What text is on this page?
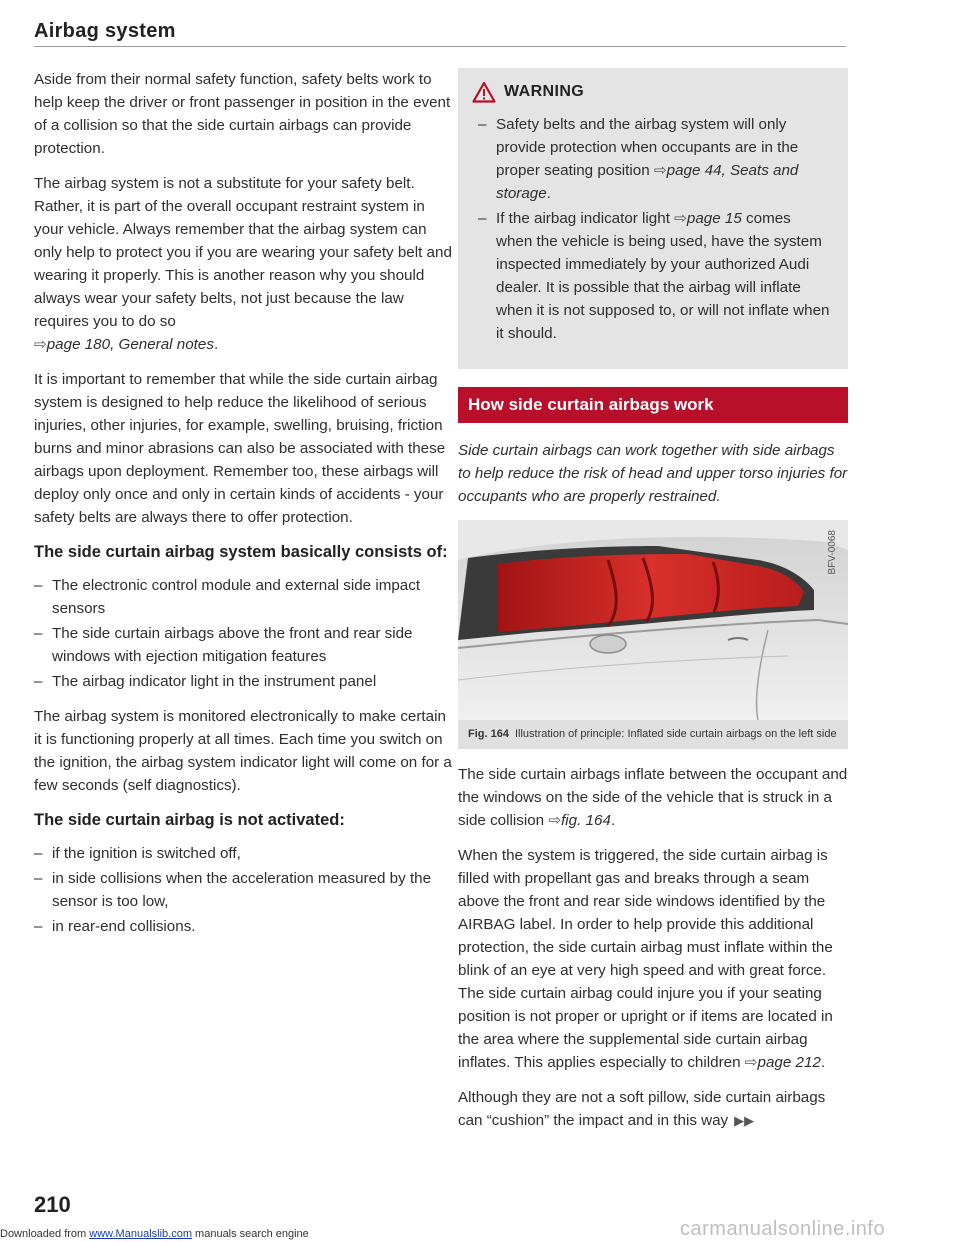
Airbag system

Aside from their normal safety function, safety belts work to help keep the driver or front passenger in position in the event of a collision so that the side curtain airbags can provide protection.

The airbag system is not a substitute for your safety belt. Rather, it is part of the overall occupant restraint system in your vehicle. Always remember that the airbag system can only help to protect you if you are wearing your safety belt and wearing it properly. This is another reason why you should always wear your safety belts, not just because the law requires you to do so
⇨page 180, General notes.

It is important to remember that while the side curtain airbag system is designed to help reduce the likelihood of serious injuries, other injuries, for example, swelling, bruising, friction burns and minor abrasions can also be associated with these airbags upon deployment. Remember too, these airbags will deploy only once and only in certain kinds of accidents - your safety belts are always there to offer protection.

The side curtain airbag system basically consists of:
– The electronic control module and external side impact sensors
– The side curtain airbags above the front and rear side windows with ejection mitigation features
– The airbag indicator light in the instrument panel

The airbag system is monitored electronically to make certain it is functioning properly at all times. Each time you switch on the ignition, the airbag system indicator light will come on for a few seconds (self diagnostics).

The side curtain airbag is not activated:
– if the ignition is switched off,
– in side collisions when the acceleration measured by the sensor is too low,
– in rear-end collisions.
WARNING
– Safety belts and the airbag system will only provide protection when occupants are in the proper seating position ⇨page 44, Seats and storage.
– If the airbag indicator light ⇨page 15 comes when the vehicle is being used, have the system inspected immediately by your authorized Audi dealer. It is possible that the airbag will inflate when it is not supposed to, or will not inflate when it should.
How side curtain airbags work

Side curtain airbags can work together with side airbags to help reduce the risk of head and upper torso injuries for occupants who are properly restrained.

BFV-0068
Fig. 164 Illustration of principle: Inflated side curtain airbags on the left side

The side curtain airbags inflate between the occupant and the windows on the side of the vehicle that is struck in a side collision ⇨fig. 164.

When the system is triggered, the side curtain airbag is filled with propellant gas and breaks through a seam above the front and rear side windows identified by the AIRBAG label. In order to help provide this additional protection, the side curtain airbag must inflate within the blink of an eye at very high speed and with great force. The side curtain airbag could injure you if your seating position is not proper or upright or if items are located in the area where the supplemental side curtain airbag inflates. This applies especially to children ⇨page 212.

Although they are not a soft pillow, side curtain airbags can “cushion” the impact and in this way ▶▶

210
Downloaded from www.Manualslib.com manuals search engine	carmanualsonline.info
